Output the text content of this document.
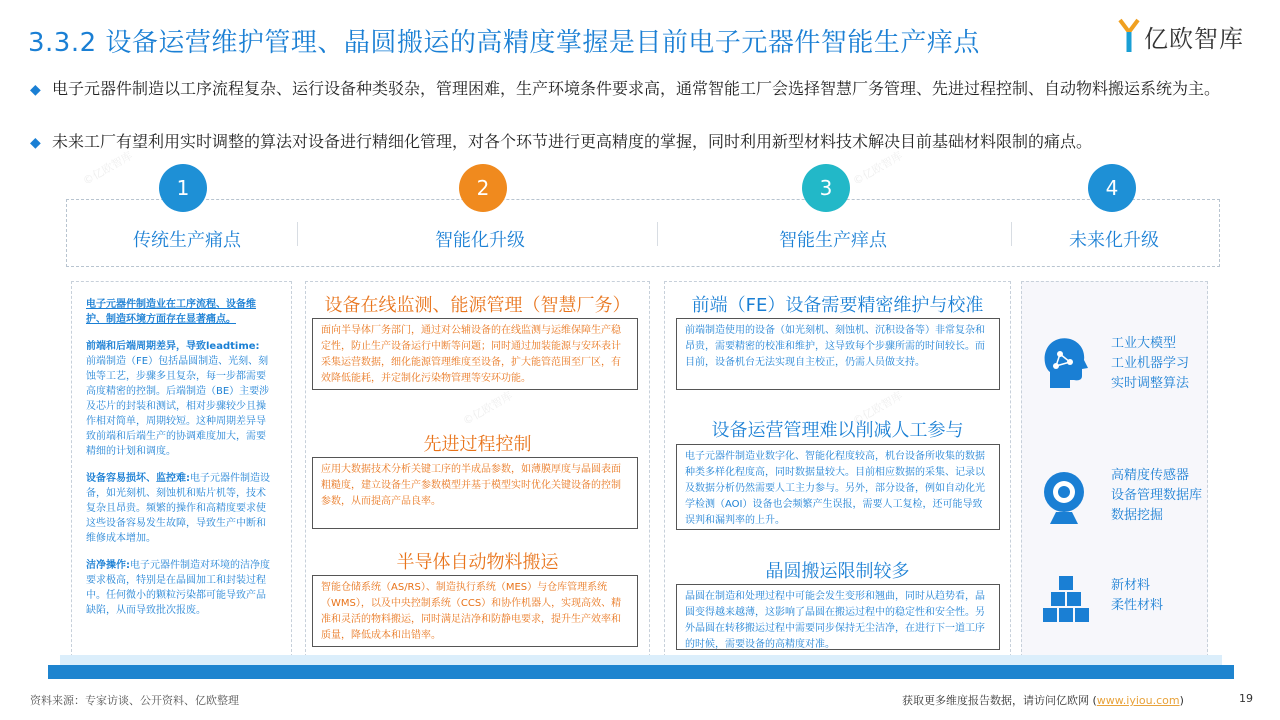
3.3.2 设备运营维护管理、晶圆搬运的高精度掌握是目前电子元器件智能生产痒点	亿欧智库
◆ 电子元器件制造以工序流程复杂、运行设备种类驳杂，管理困难，生产环境条件要求高，通常智能工厂会选择智慧厂务管理、先进过程控制、自动物料搬运系统为主。
◆ 未来工厂有望利用实时调整的算法对设备进行精细化管理，对各个环节进行更高精度的掌握，同时利用新型材料技术解决目前基础材料限制的痛点。
1	2	3	4
传统生产痛点	智能化升级	智能生产痒点	未来化升级

电子元器件制造业在工序流程、设备维护、制造环境方面存在显著痛点。

前端和后端周期差异，导致leadtime:
前端制造（FE）包括晶圆制造、光刻、刻蚀等工艺，步骤多且复杂，每一步都需要高度精密的控制。后端制造（BE）主要涉及芯片的封装和测试，相对步骤较少且操作相对简单，周期较短。这种周期差异导致前端和后端生产的协调难度加大，需要精细的计划和调度。

设备容易损坏、监控难:电子元器件制造设备，如光刻机、刻蚀机和贴片机等，技术复杂且昂贵。频繁的操作和高精度要求使这些设备容易发生故障，导致生产中断和维修成本增加。

洁净操作:电子元器件制造对环境的洁净度要求极高，特别是在晶圆加工和封装过程中。任何微小的颗粒污染都可能导致产品缺陷，从而导致批次报废。

设备在线监测、能源管理（智慧厂务）
面向半导体厂务部门，通过对公辅设备的在线监测与运维保障生产稳定性，防止生产设备运行中断等问题；同时通过加装能源与安环表计采集运营数据，细化能源管理维度至设备，扩大能管范围至厂区，有效降低能耗，并定制化污染物管理等安环功能。
先进过程控制
应用大数据技术分析关键工序的半成品参数，如薄膜厚度与晶圆表面粗糙度，建立设备生产参数模型并基于模型实时优化关键设备的控制参数，从而提高产品良率。
半导体自动物料搬运
智能仓储系统（AS/RS）、制造执行系统（MES）与仓库管理系统（WMS），以及中央控制系统（CCS）和协作机器人，实现高效、精准和灵活的物料搬运，同时满足洁净和防静电要求，提升生产效率和质量，降低成本和出错率。
前端（FE）设备需要精密维护与校准
前端制造使用的设备（如光刻机、刻蚀机、沉积设备等）非常复杂和昂贵，需要精密的校准和维护，这导致每个步骤所需的时间较长。而目前，设备机台无法实现自主校正，仍需人员做支持。
设备运营管理难以削减人工参与
电子元器件制造业数字化、智能化程度较高，机台设备所收集的数据种类多样化程度高，同时数据量较大。目前相应数据的采集、记录以及数据分析仍然需要人工主力参与。另外，部分设备，例如自动化光学检测（AOI）设备也会频繁产生误报，需要人工复检，还可能导致误判和漏判率的上升。
晶圆搬运限制较多
晶圆在制造和处理过程中可能会发生变形和翘曲，同时从趋势看，晶圆变得越来越薄，这影响了晶圆在搬运过程中的稳定性和安全性。另外晶圆在转移搬运过程中需要同步保持无尘洁净，在进行下一道工序的时候，需要设备的高精度对准。
工业大模型
工业机器学习
实时调整算法
高精度传感器
设备管理数据库
数据挖掘
新材料
柔性材料
©亿欧智库
©亿欧智库
©亿欧智库
©亿欧智库
资料来源：专家访谈、公开资料、亿欧整理	获取更多维度报告数据，请访问亿欧网 (www.iyiou.com)	19
